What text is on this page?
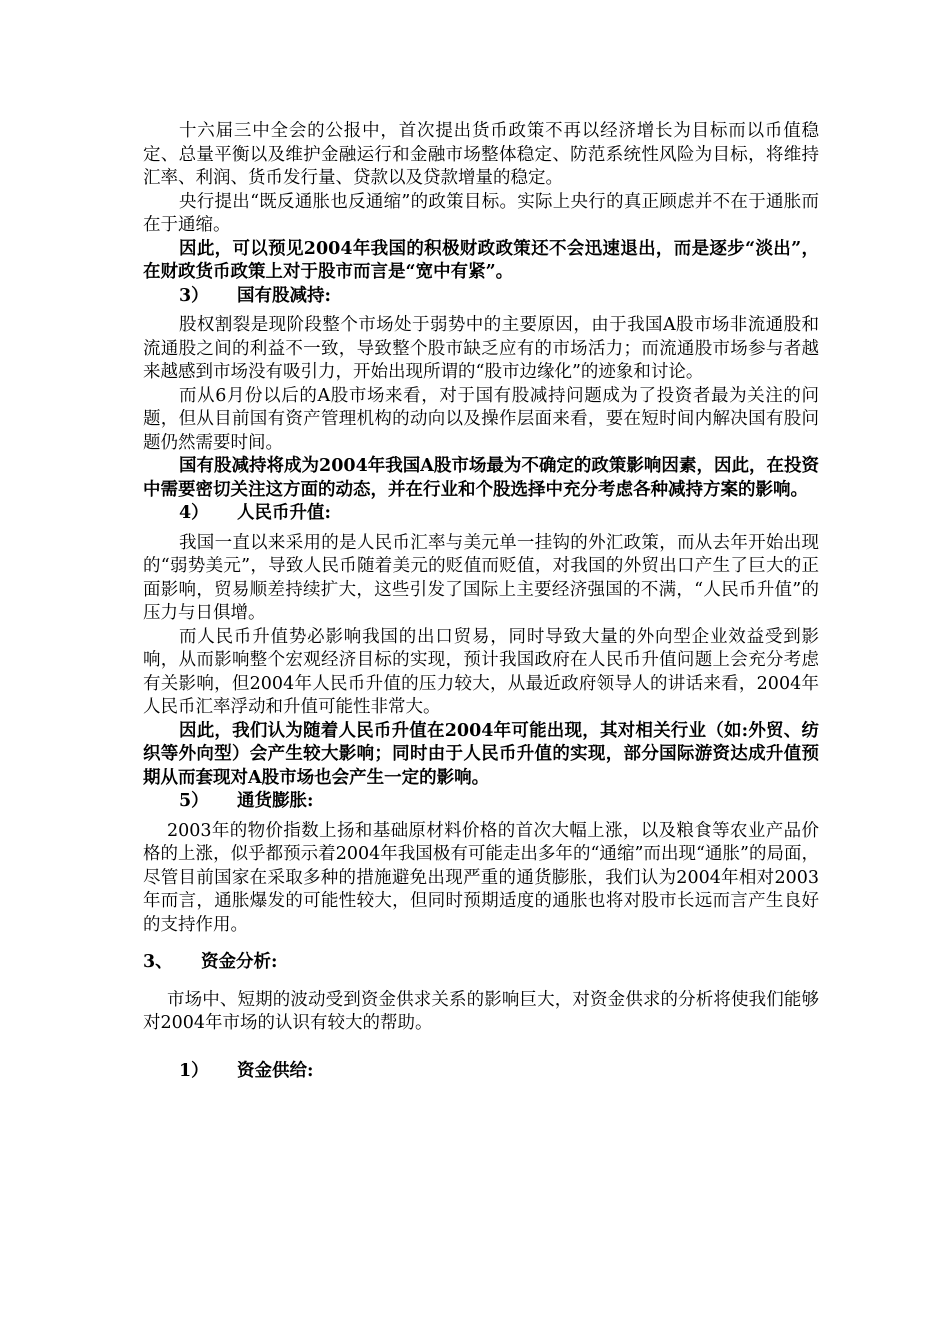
十六届三中全会的公报中，首次提出货币政策不再以经济增长为目标而以币值稳定、总量平衡以及维护金融运行和金融市场整体稳定、防范系统性风险为目标，将维持汇率、利润、货币发行量、贷款以及贷款增量的稳定。

央行提出“既反通胀也反通缩”的政策目标。实际上央行的真正顾虑并不在于通胀而在于通缩。

因此，可以预见2004年我国的积极财政政策还不会迅速退出，而是逐步“淡出”，在财政货币政策上对于股市而言是“宽中有紧”。

3）	国有股减持:

股权割裂是现阶段整个市场处于弱势中的主要原因，由于我国A股市场非流通股和流通股之间的利益不一致，导致整个股市缺乏应有的市场活力；而流通股市场参与者越来越感到市场没有吸引力，开始出现所谓的“股市边缘化”的迹象和讨论。

而从6月份以后的A股市场来看，对于国有股减持问题成为了投资者最为关注的问题，但从目前国有资产管理机构的动向以及操作层面来看，要在短时间内解决国有股问题仍然需要时间。

国有股减持将成为2004年我国A股市场最为不确定的政策影响因素，因此，在投资中需要密切关注这方面的动态，并在行业和个股选择中充分考虑各种减持方案的影响。

4）	人民币升值:

我国一直以来采用的是人民币汇率与美元单一挂钩的外汇政策，而从去年开始出现的“弱势美元”，导致人民币随着美元的贬值而贬值，对我国的外贸出口产生了巨大的正面影响，贸易顺差持续扩大，这些引发了国际上主要经济强国的不满，“人民币升值”的压力与日俱增。

而人民币升值势必影响我国的出口贸易，同时导致大量的外向型企业效益受到影响，从而影响整个宏观经济目标的实现，预计我国政府在人民币升值问题上会充分考虑有关影响，但2004年人民币升值的压力较大，从最近政府领导人的讲话来看，2004年人民币汇率浮动和升值可能性非常大。

因此，我们认为随着人民币升值在2004年可能出现，其对相关行业（如:外贸、纺织等外向型）会产生较大影响；同时由于人民币升值的实现，部分国际游资达成升值预期从而套现对A股市场也会产生一定的影响。

5）	通货膨胀:

2003年的物价指数上扬和基础原材料价格的首次大幅上涨，以及粮食等农业产品价格的上涨，似乎都预示着2004年我国极有可能走出多年的“通缩”而出现“通胀”的局面，尽管目前国家在采取多种的措施避免出现严重的通货膨胀，我们认为2004年相对2003年而言，通胀爆发的可能性较大，但同时预期适度的通胀也将对股市长远而言产生良好的支持作用。

3、	资金分析:

市场中、短期的波动受到资金供求关系的影响巨大，对资金供求的分析将使我们能够对2004年市场的认识有较大的帮助。

1）	资金供给:
